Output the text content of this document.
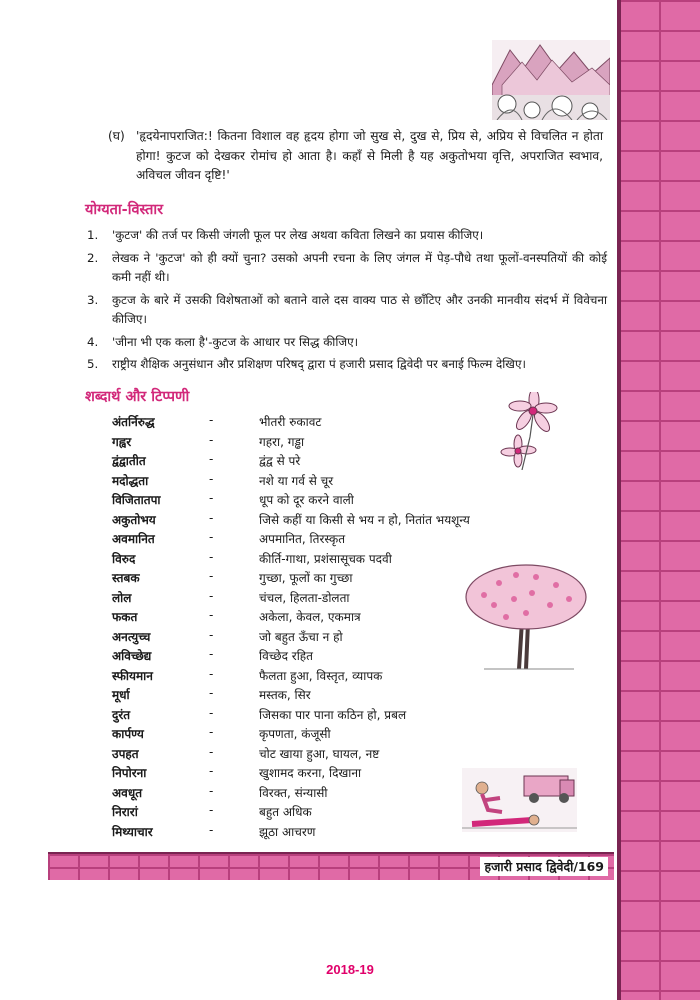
(घ) 'हृदयेनापराजित:! कितना विशाल वह हृदय होगा जो सुख से, दुख से, प्रिय से, अप्रिय से विचलित न होता होगा! कुटज को देखकर रोमांच हो आता है। कहाँ से मिली है यह अकुतोभया वृत्ति, अपराजित स्वभाव, अविचल जीवन दृष्टि!'
योग्यता-विस्तार
1. 'कुटज' की तर्ज पर किसी जंगली फूल पर लेख अथवा कविता लिखने का प्रयास कीजिए।
2. लेखक ने 'कुटज' को ही क्यों चुना? उसको अपनी रचना के लिए जंगल में पेड़-पौधे तथा फूलों-वनस्पतियों की कोई कमी नहीं थी।
3. कुटज के बारे में उसकी विशेषताओं को बताने वाले दस वाक्य पाठ से छाँटिए और उनकी मानवीय संदर्भ में विवेचना कीजिए।
4. 'जीना भी एक कला है'-कुटज के आधार पर सिद्ध कीजिए।
5. राष्ट्रीय शैक्षिक अनुसंधान और प्रशिक्षण परिषद् द्वारा पं हजारी प्रसाद द्विवेदी पर बनाई फिल्म देखिए।
शब्दार्थ और टिप्पणी
अंतर्निरुद्ध	-	भीतरी रुकावट
गह्वर	-	गहरा, गड्ढा
द्वंद्वातीत	-	द्वंद्व से परे
मदोद्धता	-	नशे या गर्व से चूर
विजितातपा	-	धूप को दूर करने वाली
अकुतोभय	-	जिसे कहीं या किसी से भय न हो, नितांत भयशून्य
अवमानित	-	अपमानित, तिरस्कृत
विरुद	-	कीर्ति-गाथा, प्रशंसासूचक पदवी
स्तबक	-	गुच्छा, फूलों का गुच्छा
लोल	-	चंचल, हिलता-डोलता
फकत	-	अकेला, केवल, एकमात्र
अनत्युच्च	-	जो बहुत ऊँचा न हो
अविच्छेद्य	-	विच्छेद रहित
स्फीयमान	-	फैलता हुआ, विस्तृत, व्यापक
मूर्धा	-	मस्तक, सिर
दुरंत	-	जिसका पार पाना कठिन हो, प्रबल
कार्पण्य	-	कृपणता, कंजूसी
उपहत	-	चोट खाया हुआ, घायल, नष्ट
निपोरना	-	खुशामद करना, दिखाना
अवधूत	-	विरक्त, संन्यासी
निरारां	-	बहुत अधिक
मिथ्याचार	-	झूठा आचरण
हजारी प्रसाद द्विवेदी/169
2018-19
